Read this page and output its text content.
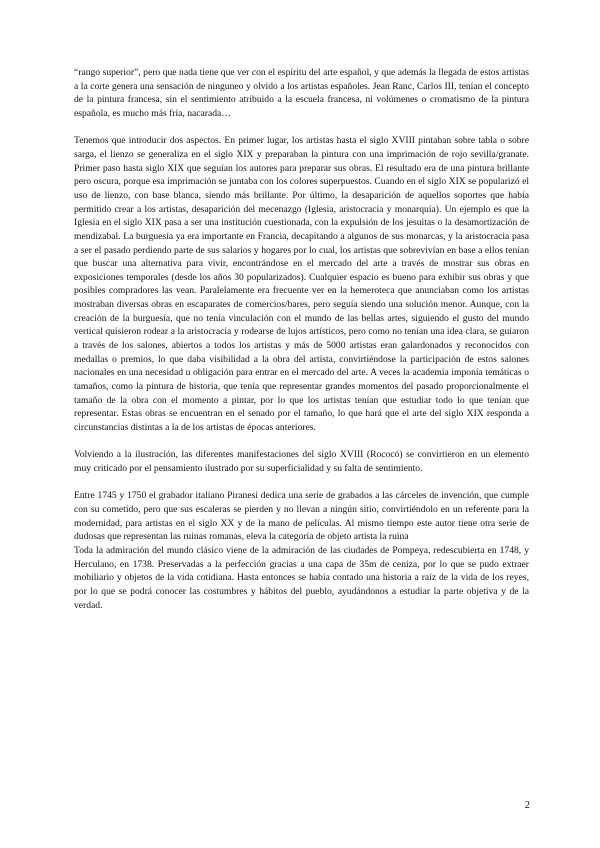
“rango superior”, pero que nada tiene que ver con el espíritu del arte español, y que además la llegada de estos artistas a la corte genera una sensación de ninguneo y olvido a los artistas españoles. Jean Ranc, Carlos III, tenían el concepto de la pintura francesa, sin el sentimiento atribuido a la escuela francesa, ni volúmenes o cromatismo de la pintura española, es mucho más fría, nacarada…

Tenemos que introducir dos aspectos. En primer lugar, los artistas hasta el siglo XVIII pintaban sobre tabla o sobre sarga, el lienzo se generaliza en el siglo XIX y preparaban la pintura con una imprimación de rojo sevilla/granate. Primer paso hasta siglo XIX que seguían los autores para preparar sus obras. El resultado era de una pintura brillante pero oscura, porque esa imprimación se juntaba con los colores superpuestos. Cuando en el siglo XIX se popularizó el uso de lienzo, con base blanca, siendo más brillante. Por último, la desaparición de aquellos soportes que había permitido crear a los artistas, desaparición del mecenazgo (Iglesia, aristocracia y monarquía). Un ejemplo es que la Iglesia en el siglo XIX pasa a ser una institución cuestionada, con la expulsión de los jesuitas o la desamortización de mendizabal. La burguesía ya era importante en Francia, decapitando a algunos de sus monarcas, y la aristocracia pasa a ser el pasado perdiendo parte de sus salarios y hogares por lo cual, los artistas que sobrevivían en base a ellos tenían que buscar una alternativa para vivir, encontrándose en el mercado del arte a través de mostrar sus obras en exposiciones temporales (desde los años 30 popularizados). Cualquier espacio es bueno para exhibir sus obras y que posibles compradores las vean. Paralelamente era frecuente ver en la hemeroteca que anunciaban como los artistas mostraban diversas obras en escaparates de comercios/bares, pero seguía siendo una solución menor. Aunque, con la creación de la burguesía, que no tenía vinculación con el mundo de las bellas artes, siguiendo el gusto del mundo vertical quisieron rodear a la aristocracia y rodearse de lujos artísticos, pero como no tenían una idea clara, se guiaron a través de los salones, abiertos a todos los artistas y más de 5000 artistas eran galardonados y reconocidos con medallas o premios, lo que daba visibilidad a la obra del artista, convirtiéndose la participación de estos salones nacionales en una necesidad u obligación para entrar en el mercado del arte. A veces la academia imponía temáticas o tamaños, como la pintura de historia, que tenía que representar grandes momentos del pasado proporcionalmente el tamaño de la obra con el momento a pintar, por lo que los artistas tenían que estudiar todo lo que tenían que representar. Estas obras se encuentran en el senado por el tamaño, lo que hará que el arte del siglo XIX responda a circunstancias distintas a la de los artistas de épocas anteriores.

Volviendo a la ilustración, las diferentes manifestaciones del siglo XVIII (Rococó) se convirtieron en un elemento muy criticado por el pensamiento ilustrado por su superficialidad y su falta de sentimiento.

Entre 1745 y 1750 el grabador italiano Piranesi dedica una serie de grabados a las cárceles de invención, que cumple con su cometido, pero que sus escaleras se pierden y no llevan a ningún sitio, convirtiéndolo en un referente para la modernidad, para artistas en el siglo XX y de la mano de películas. Al mismo tiempo este autor tiene otra serie de dudosas que representan las ruinas romanas, eleva la categoría de objeto artista la ruina
Toda la admiración del mundo clásico viene de la admiración de las ciudades de Pompeya, redescubierta en 1748, y Herculano, en 1738. Preservadas a la perfección gracias a una capa de 35m de ceniza, por lo que se pudo extraer mobiliario y objetos de la vida cotidiana. Hasta entonces se había contado una historia a raíz de la vida de los reyes, por lo que se podrá conocer las costumbres y hábitos del pueblo, ayudándonos a estudiar la parte objetiva y de la verdad.

2
